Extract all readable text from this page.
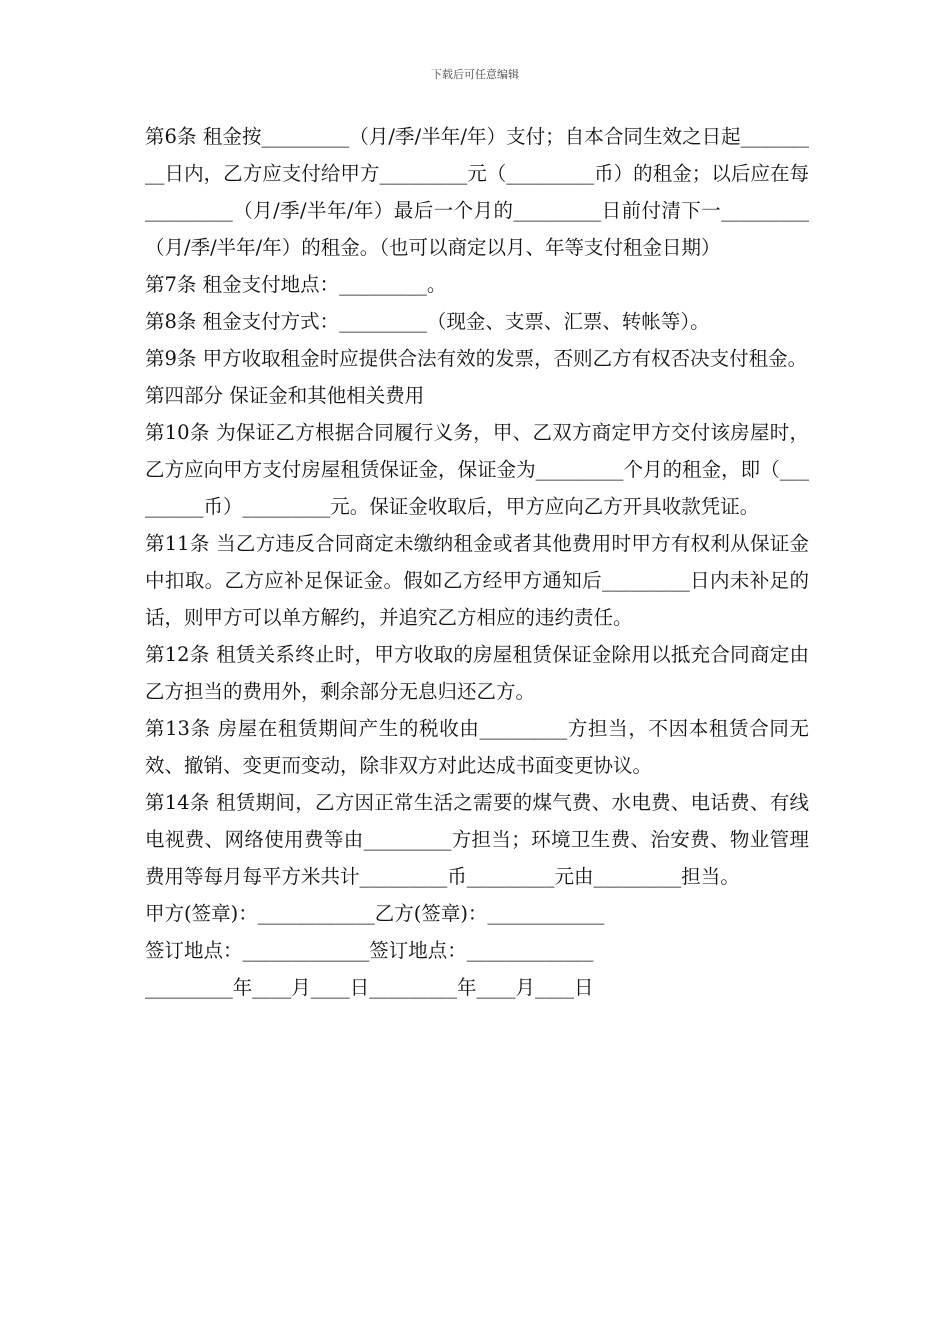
下载后可任意编辑

第6条 租金按_________（月/季/半年/年）支付；自本合同生效之日起_________日内，乙方应支付给甲方_________元（_________币）的租金；以后应在每_________（月/季/半年/年）最后一个月的_________日前付清下一_________（月/季/半年/年）的租金。（也可以商定以月、年等支付租金日期）

第7条 租金支付地点：_________。

第8条 租金支付方式：_________（现金、支票、汇票、转帐等）。

第9条 甲方收取租金时应提供合法有效的发票，否则乙方有权否决支付租金。

第四部分 保证金和其他相关费用

第10条 为保证乙方根据合同履行义务，甲、乙双方商定甲方交付该房屋时，乙方应向甲方支付房屋租赁保证金，保证金为_________个月的租金，即（_________币）_________元。保证金收取后，甲方应向乙方开具收款凭证。

第11条 当乙方违反合同商定未缴纳租金或者其他费用时甲方有权利从保证金中扣取。乙方应补足保证金。假如乙方经甲方通知后_________日内未补足的话，则甲方可以单方解约，并追究乙方相应的违约责任。

第12条 租赁关系终止时，甲方收取的房屋租赁保证金除用以抵充合同商定由乙方担当的费用外，剩余部分无息归还乙方。

第13条 房屋在租赁期间产生的税收由_________方担当，不因本租赁合同无效、撤销、变更而变动，除非双方对此达成书面变更协议。

第14条 租赁期间，乙方因正常生活之需要的煤气费、水电费、电话费、有线电视费、网络使用费等由_________方担当；环境卫生费、治安费、物业管理费用等每月每平方米共计_________币_________元由_________担当。

甲方(签章)：____________乙方(签章)：____________

签订地点：_____________签订地点：_____________

_________年____月____日_________年____月____日
